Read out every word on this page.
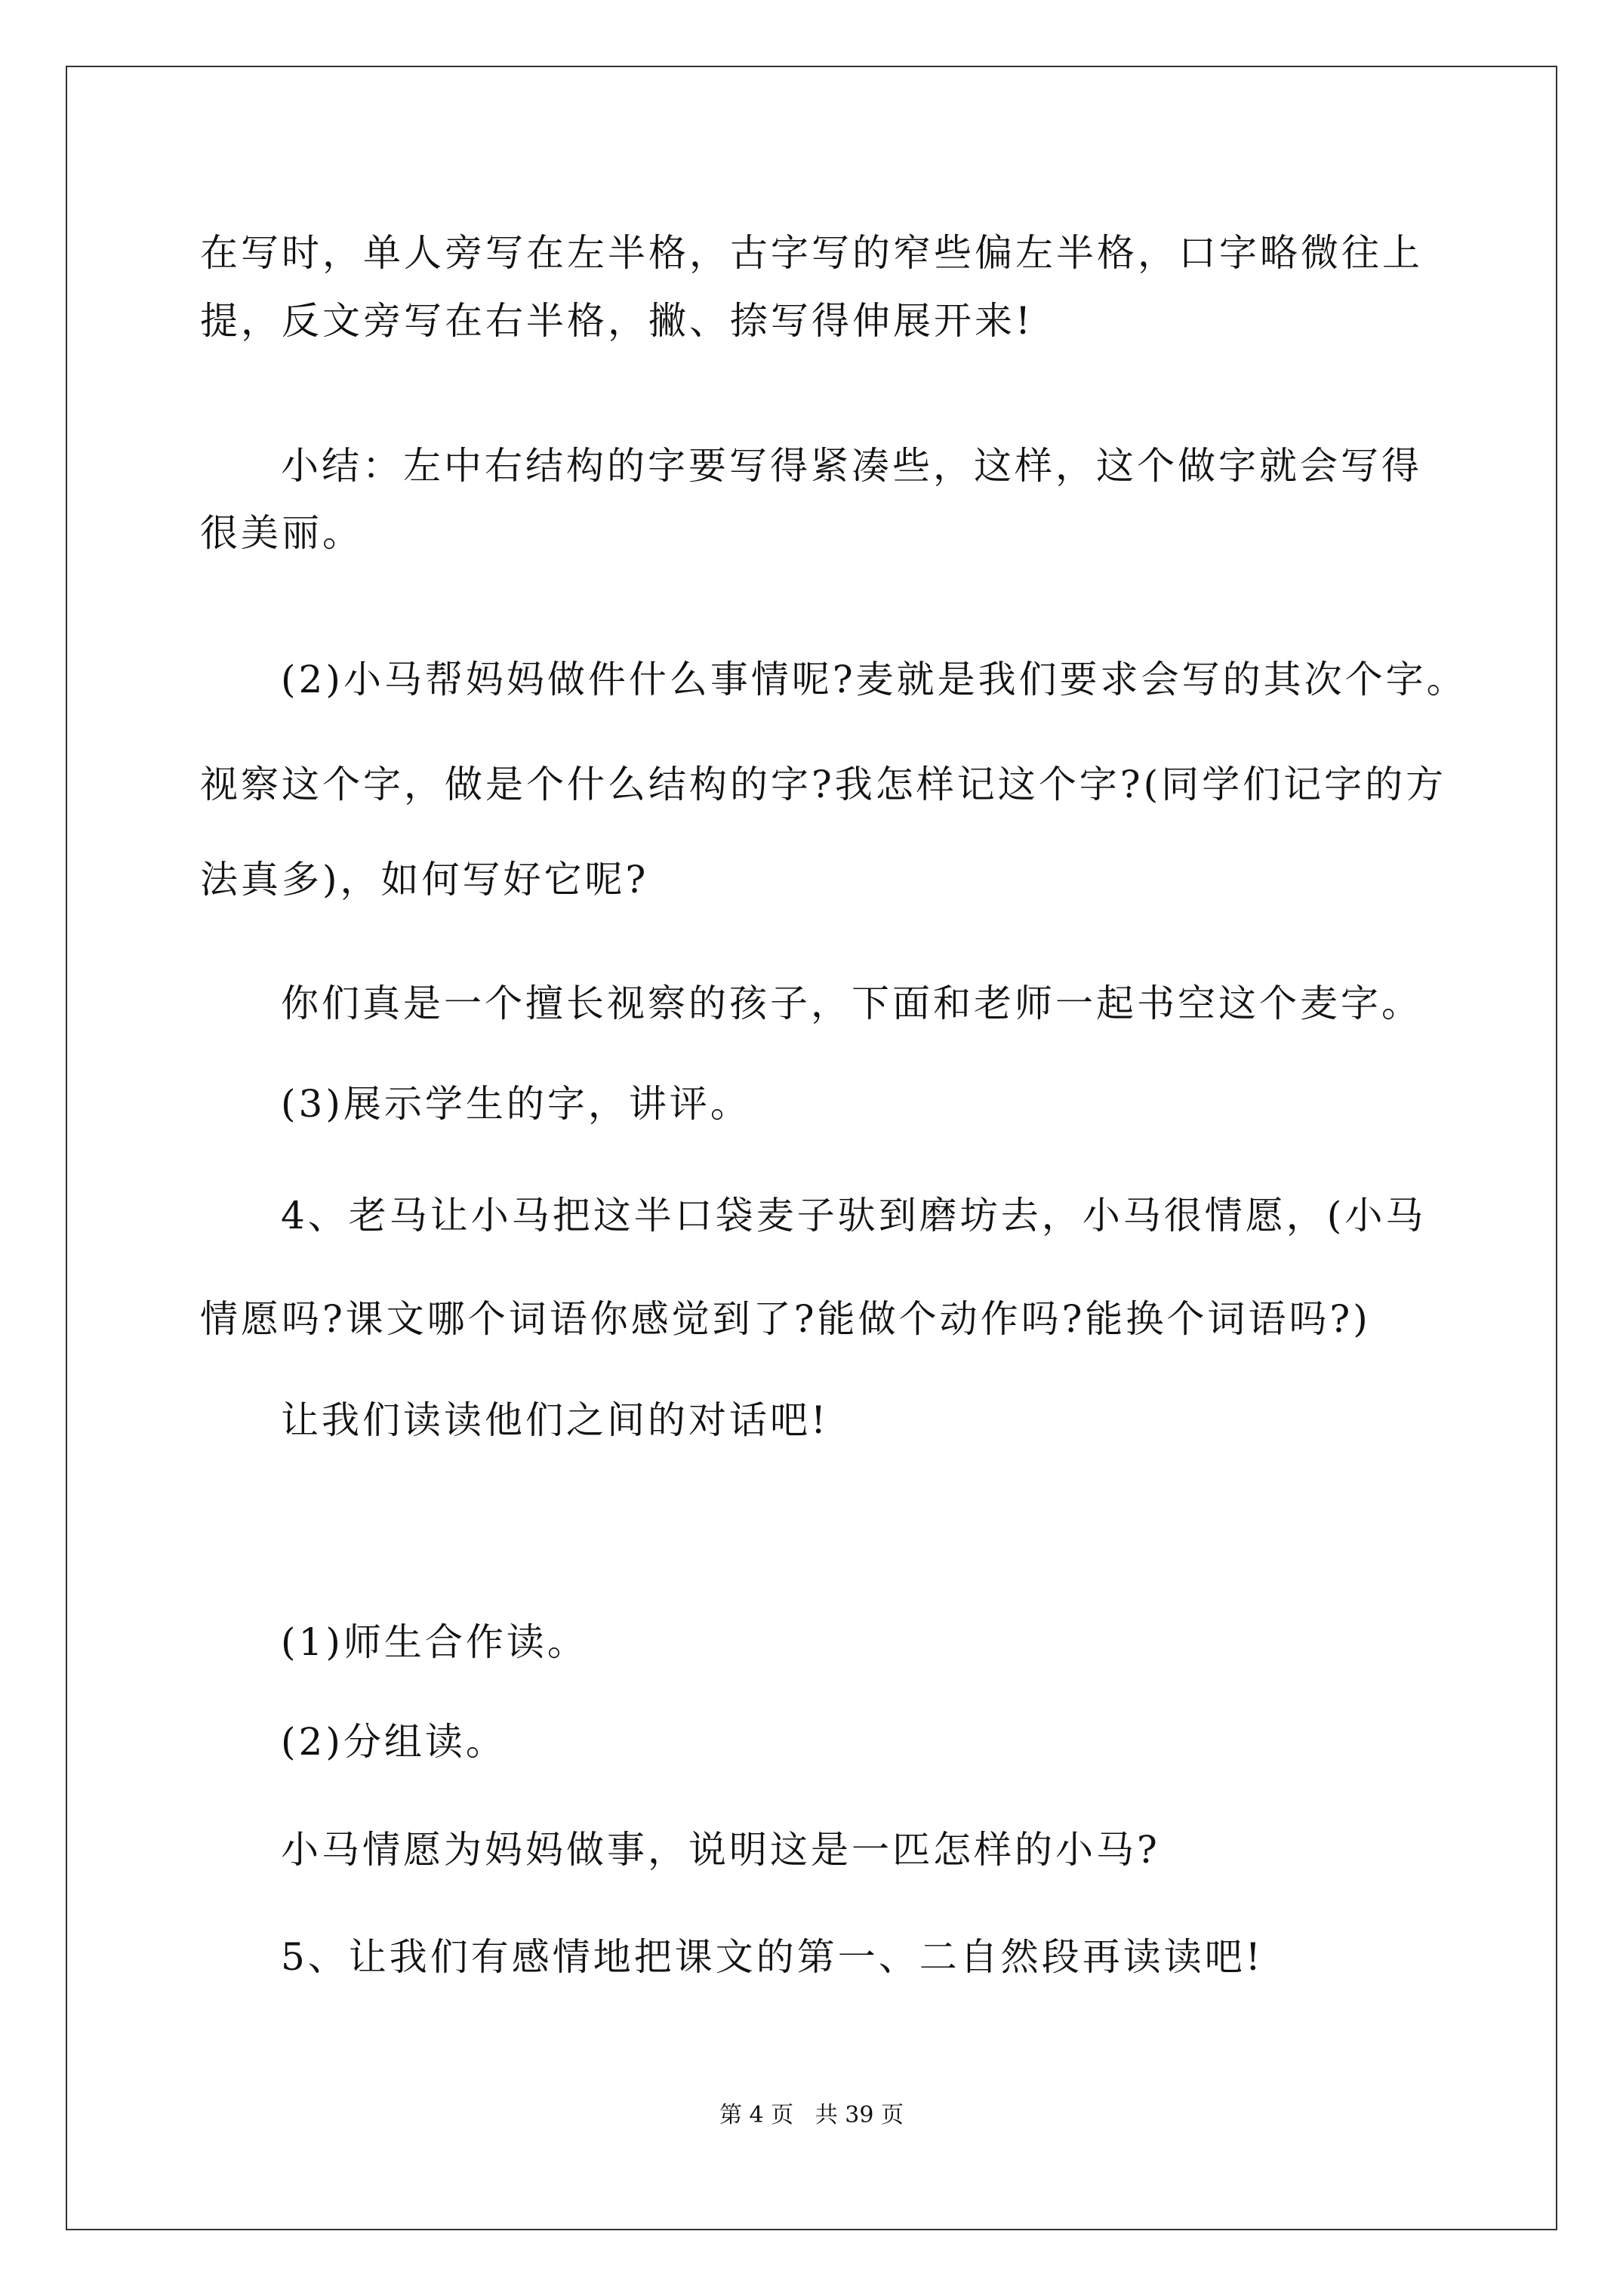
在写时，单人旁写在左半格，古字写的窄些偏左半格，口字略微往上
提，反文旁写在右半格，撇、捺写得伸展开来!
小结：左中右结构的字要写得紧凑些，这样，这个做字就会写得
很美丽。
(2)小马帮妈妈做件什么事情呢?麦就是我们要求会写的其次个字。
视察这个字，做是个什么结构的字?我怎样记这个字?(同学们记字的方
法真多)，如何写好它呢?
你们真是一个擅长视察的孩子，下面和老师一起书空这个麦字。
(3)展示学生的字，讲评。
4、老马让小马把这半口袋麦子驮到磨坊去，小马很情愿，(小马
情愿吗?课文哪个词语你感觉到了?能做个动作吗?能换个词语吗?)
让我们读读他们之间的对话吧!
(1)师生合作读。
(2)分组读。
小马情愿为妈妈做事，说明这是一匹怎样的小马?
5、让我们有感情地把课文的第一、二自然段再读读吧!
第 4 页   共 39 页
